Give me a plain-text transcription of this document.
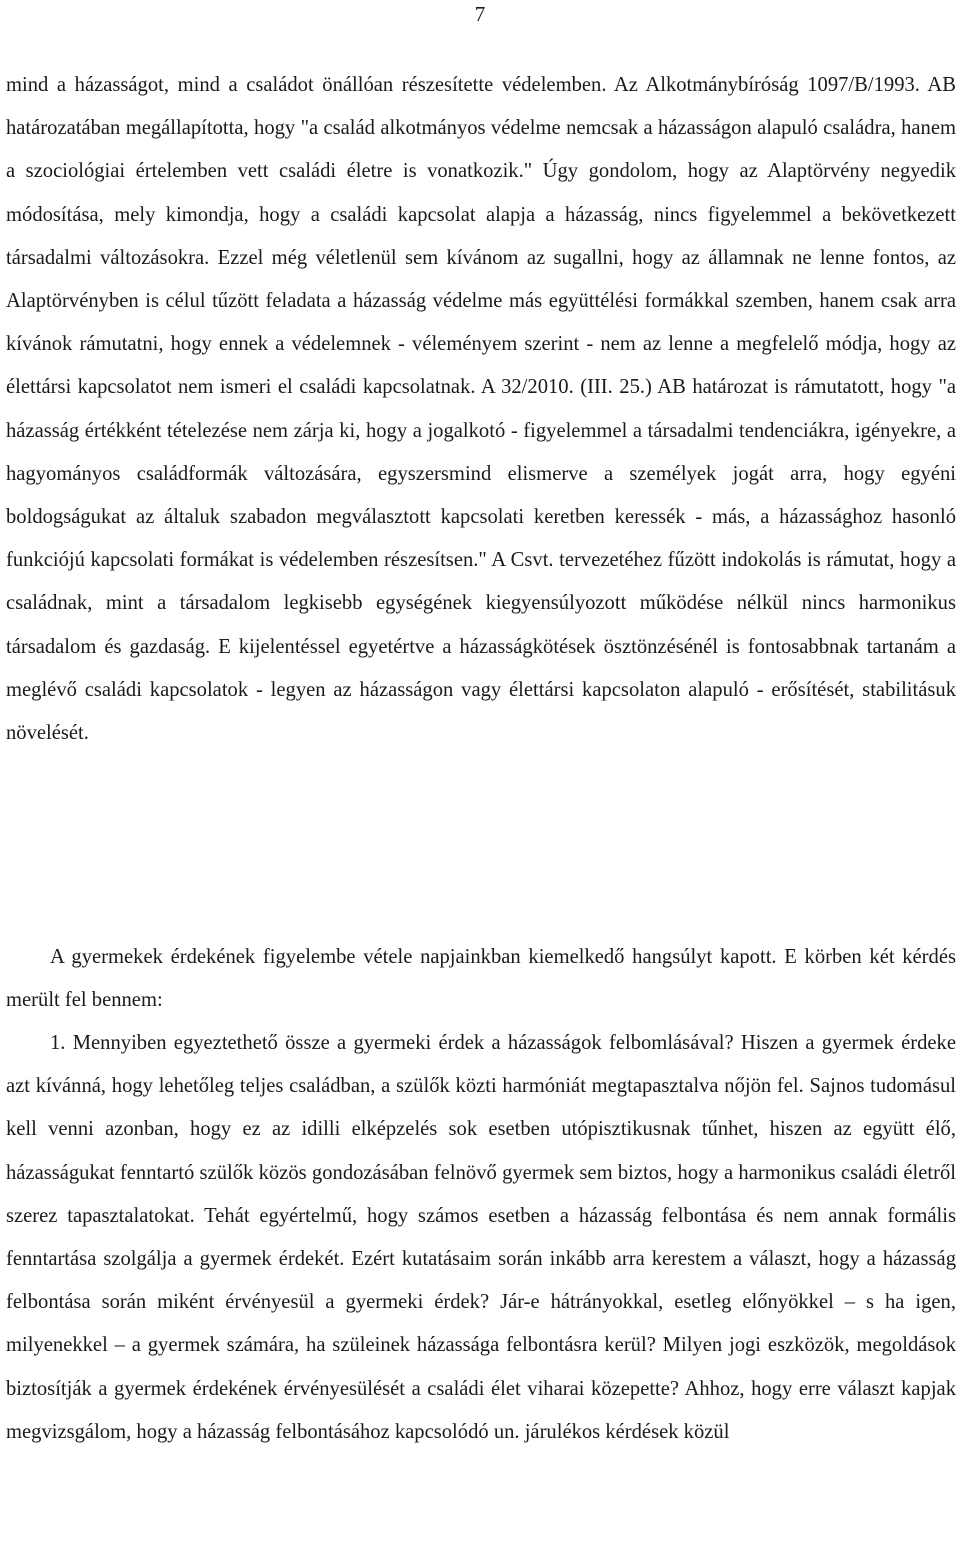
7

mind a házasságot, mind a családot önállóan részesítette védelemben. Az Alkotmánybíróság 1097/B/1993. AB határozatában megállapította, hogy "a család alkotmányos védelme nemcsak a házasságon alapuló családra, hanem a szociológiai értelemben vett családi életre is vonatkozik." Úgy gondolom, hogy az Alaptörvény negyedik módosítása, mely kimondja, hogy a családi kapcsolat alapja a házasság, nincs figyelemmel a bekövetkezett társadalmi változásokra. Ezzel még véletlenül sem kívánom az sugallni, hogy az államnak ne lenne fontos, az Alaptörvényben is célul tűzött feladata a házasság védelme más együttélési formákkal szemben, hanem csak arra kívánok rámutatni, hogy ennek a védelemnek - véleményem szerint - nem az lenne a megfelelő módja, hogy az élettársi kapcsolatot nem ismeri el családi kapcsolatnak. A 32/2010. (III. 25.) AB határozat is rámutatott, hogy "a házasság értékként tételezése nem zárja ki, hogy a jogalkotó - figyelemmel a társadalmi tendenciákra, igényekre, a hagyományos családformák változására, egyszersmind elismerve a személyek jogát arra, hogy egyéni boldogságukat az általuk szabadon megválasztott kapcsolati keretben keressék - más, a házassághoz hasonló funkciójú kapcsolati formákat is védelemben részesítsen." A Csvt. tervezetéhez fűzött indokolás is rámutat, hogy a családnak, mint a társadalom legkisebb egységének kiegyensúlyozott működése nélkül nincs harmonikus társadalom és gazdaság. E kijelentéssel egyetértve a házasságkötések ösztönzésénél is fontosabbnak tartanám a meglévő családi kapcsolatok - legyen az házasságon vagy élettársi kapcsolaton alapuló - erősítését, stabilitásuk növelését.

A gyermekek érdekének figyelembe vétele napjainkban kiemelkedő hangsúlyt kapott. E körben két kérdés merült fel bennem:

1. Mennyiben egyeztethető össze a gyermeki érdek a házasságok felbomlásával? Hiszen a gyermek érdeke azt kívánná, hogy lehetőleg teljes családban, a szülők közti harmóniát megtapasztalva nőjön fel. Sajnos tudomásul kell venni azonban, hogy ez az idilli elképzelés sok esetben utópisztikusnak tűnhet, hiszen az együtt élő, házasságukat fenntartó szülők közös gondozásában felnövő gyermek sem biztos, hogy a harmonikus családi életről szerez tapasztalatokat. Tehát egyértelmű, hogy számos esetben a házasság felbontása és nem annak formális fenntartása szolgálja a gyermek érdekét. Ezért kutatásaim során inkább arra kerestem a választ, hogy a házasság felbontása során miként érvényesül a gyermeki érdek? Jár-e hátrányokkal, esetleg előnyökkel – s ha igen, milyenekkel – a gyermek számára, ha szüleinek házassága felbontásra kerül? Milyen jogi eszközök, megoldások biztosítják a gyermek érdekének érvényesülését a családi élet viharai közepette? Ahhoz, hogy erre választ kapjak megvizsgálom, hogy a házasság felbontásához kapcsolódó un. járulékos kérdések közül
